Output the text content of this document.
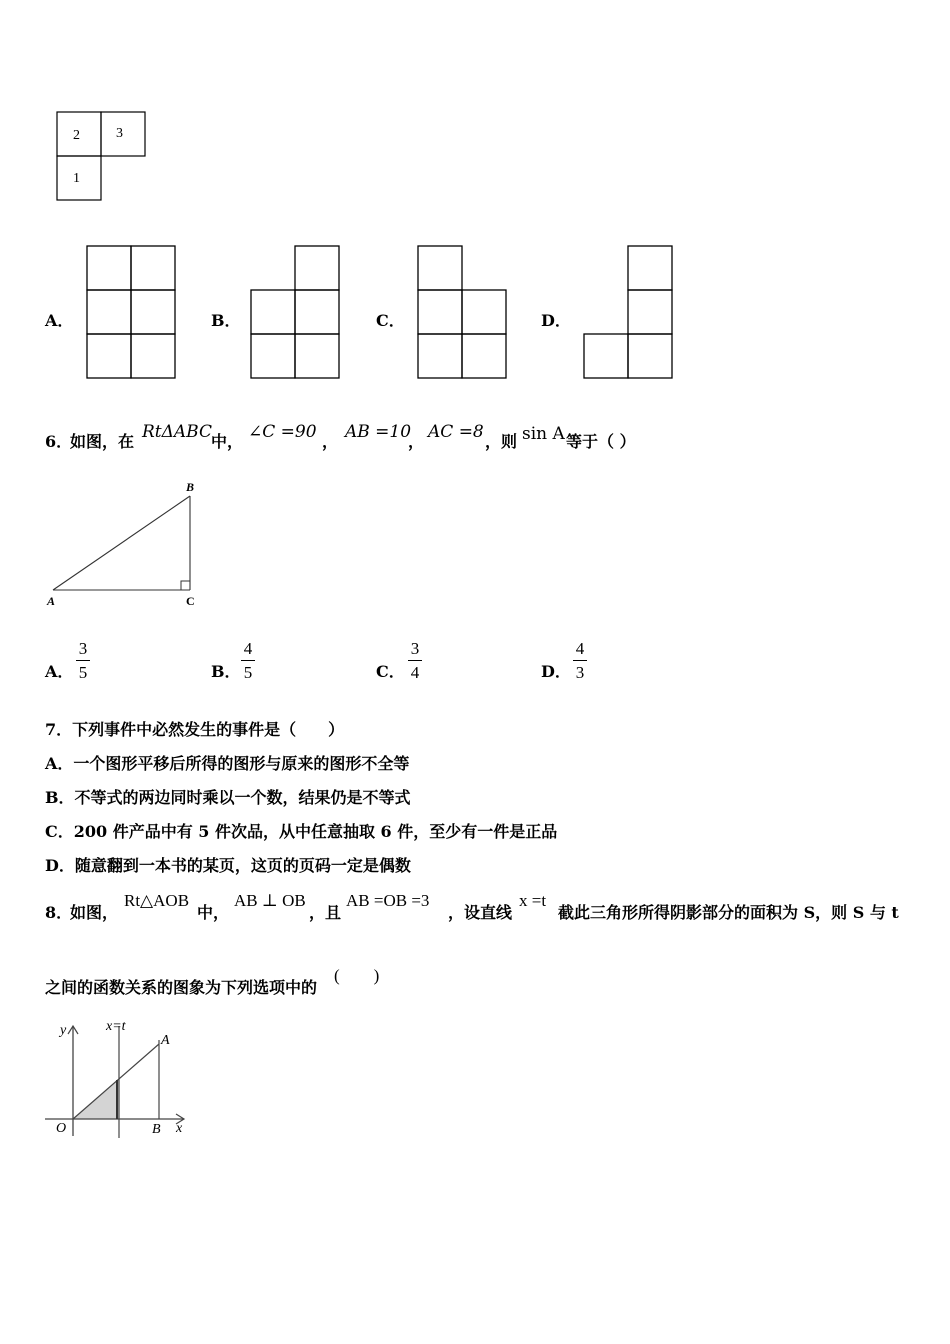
2	3
1
A．	B．	C．	D．
6．
如图，在 RtΔABC
中， ∠C =90 ， AB =10
， AC =8 ，则 sin A 等于（ ）
B
A	C
A．
3
5	B．
4
5	C．
3
4	D．
4
3
7．下列事件中必然发生的事件是（　　）
A．一个图形平移后所得的图形与原来的图形不全等
B．不等式的两边同时乘以一个数，结果仍是不等式
C．200 件产品中有 5 件次品，从中任意抽取 6 件，至少有一件是正品
D．随意翻到一本书的某页，这页的页码一定是偶数
8．
如图，
Rt△AOB
中，
AB ⊥ OB
，且
AB =OB =3
，设直线
x =t
截此三角形所得阴影部分的面积为 S，则 S 与 t
之间的函数关系的图象为下列选项中的
(　　)
y	x=t
A
O	B x
